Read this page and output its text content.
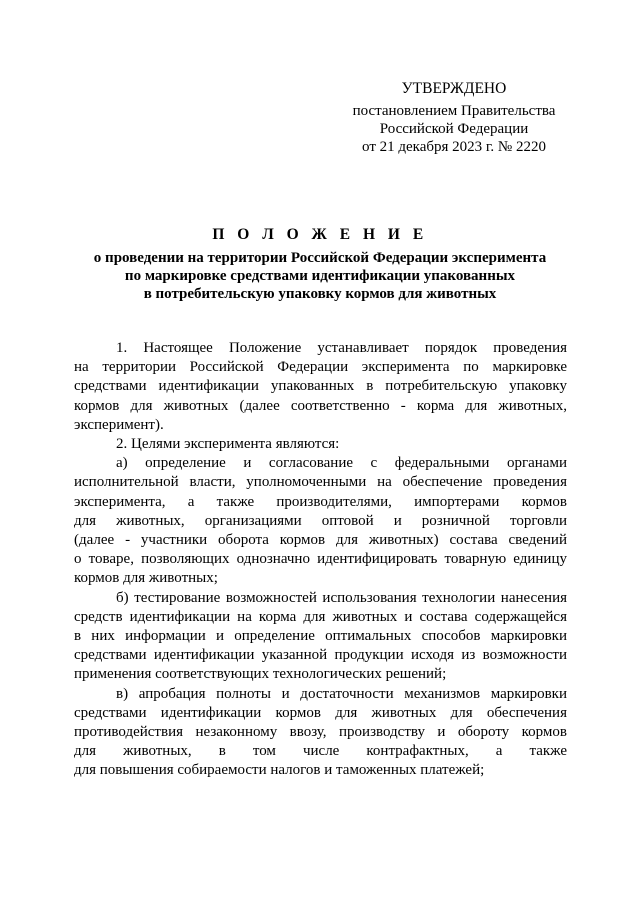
УТВЕРЖДЕНО
постановлением Правительства
Российской Федерации
от 21 декабря 2023 г. № 2220
П О Л О Ж Е Н И Е
о проведении на территории Российской Федерации эксперимента
по маркировке средствами идентификации упакованных
в потребительскую упаковку кормов для животных
1. Настоящее Положение устанавливает порядок проведения
на территории Российской Федерации эксперимента по маркировке
средствами идентификации упакованных в потребительскую упаковку
кормов для животных (далее соответственно - корма для животных,
эксперимент).
2. Целями эксперимента являются:
а) определение и согласование с федеральными органами
исполнительной власти, уполномоченными на обеспечение проведения
эксперимента, а также производителями, импортерами кормов
для животных, организациями оптовой и розничной торговли
(далее - участники оборота кормов для животных) состава сведений
о товаре, позволяющих однозначно идентифицировать товарную единицу
кормов для животных;
б) тестирование возможностей использования технологии нанесения
средств идентификации на корма для животных и состава содержащейся
в них информации и определение оптимальных способов маркировки
средствами идентификации указанной продукции исходя из возможности
применения соответствующих технологических решений;
в) апробация полноты и достаточности механизмов маркировки
средствами идентификации кормов для животных для обеспечения
противодействия незаконному ввозу, производству и обороту кормов
для животных, в том числе контрафактных, а также
для повышения собираемости налогов и таможенных платежей;
